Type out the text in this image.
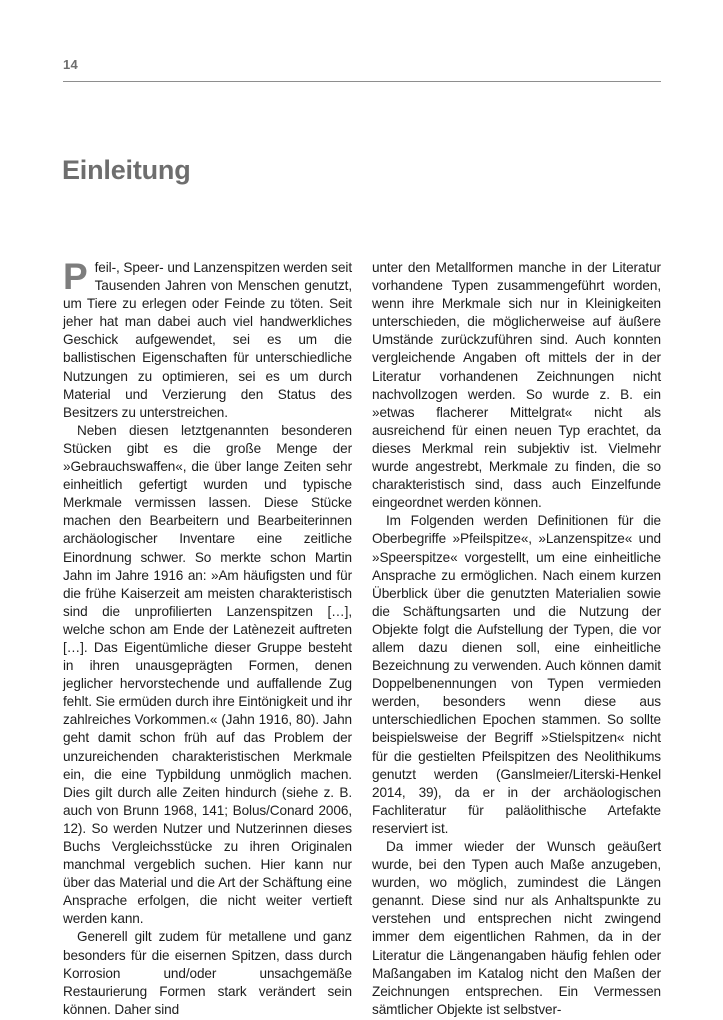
14
Einleitung

Pfeil-, Speer- und Lanzenspitzen werden seit Tausenden Jahren von Menschen genutzt, um Tiere zu erlegen oder Feinde zu töten. Seit jeher hat man dabei auch viel handwerkliches Geschick aufgewendet, sei es um die ballistischen Eigenschaften für unterschiedliche Nutzungen zu optimieren, sei es um durch Material und Verzierung den Status des Besitzers zu unterstreichen.

Neben diesen letztgenannten besonderen Stücken gibt es die große Menge der »Gebrauchswaffen«, die über lange Zeiten sehr einheitlich gefertigt wurden und typische Merkmale vermissen lassen. Diese Stücke machen den Bearbeitern und Bearbeiterinnen archäologischer Inventare eine zeitliche Einordnung schwer. So merkte schon Martin Jahn im Jahre 1916 an: »Am häufigsten und für die frühe Kaiserzeit am meisten charakteristisch sind die unprofilierten Lanzenspitzen […], welche schon am Ende der Latènezeit auftreten […]. Das Eigentümliche dieser Gruppe besteht in ihren unausgeprägten Formen, denen jeglicher hervorstechende und auffallende Zug fehlt. Sie ermüden durch ihre Eintönigkeit und ihr zahlreiches Vorkommen.« (Jahn 1916, 80). Jahn geht damit schon früh auf das Problem der unzureichenden charakteristischen Merkmale ein, die eine Typbildung unmöglich machen. Dies gilt durch alle Zeiten hindurch (siehe z. B. auch von Brunn 1968, 141; Bolus/Conard 2006, 12). So werden Nutzer und Nutzerinnen dieses Buchs Vergleichsstücke zu ihren Originalen manchmal vergeblich suchen. Hier kann nur über das Material und die Art der Schäftung eine Ansprache erfolgen, die nicht weiter vertieft werden kann.

Generell gilt zudem für metallene und ganz besonders für die eisernen Spitzen, dass durch Korrosion und/oder unsachgemäße Restaurierung Formen stark verändert sein können. Daher sind

unter den Metallformen manche in der Literatur vorhandene Typen zusammengeführt worden, wenn ihre Merkmale sich nur in Kleinigkeiten unterschieden, die möglicherweise auf äußere Umstände zurückzuführen sind. Auch konnten vergleichende Angaben oft mittels der in der Literatur vorhandenen Zeichnungen nicht nachvollzogen werden. So wurde z. B. ein »etwas flacherer Mittelgrat« nicht als ausreichend für einen neuen Typ erachtet, da dieses Merkmal rein subjektiv ist. Vielmehr wurde angestrebt, Merkmale zu finden, die so charakteristisch sind, dass auch Einzelfunde eingeordnet werden können.

Im Folgenden werden Definitionen für die Oberbegriffe »Pfeilspitze«, »Lanzenspitze« und »Speerspitze« vorgestellt, um eine einheitliche Ansprache zu ermöglichen. Nach einem kurzen Überblick über die genutzten Materialien sowie die Schäftungsarten und die Nutzung der Objekte folgt die Aufstellung der Typen, die vor allem dazu dienen soll, eine einheitliche Bezeichnung zu verwenden. Auch können damit Doppelbenennungen von Typen vermieden werden, besonders wenn diese aus unterschiedlichen Epochen stammen. So sollte beispielsweise der Begriff »Stielspitzen« nicht für die gestielten Pfeilspitzen des Neolithikums genutzt werden (Ganslmeier/Literski-Henkel 2014, 39), da er in der archäologischen Fachliteratur für paläolithische Artefakte reserviert ist.

Da immer wieder der Wunsch geäußert wurde, bei den Typen auch Maße anzugeben, wurden, wo möglich, zumindest die Längen genannt. Diese sind nur als Anhaltspunkte zu verstehen und entsprechen nicht zwingend immer dem eigentlichen Rahmen, da in der Literatur die Längenangaben häufig fehlen oder Maßangaben im Katalog nicht den Maßen der Zeichnungen entsprechen. Ein Vermessen sämtlicher Objekte ist selbstver-
